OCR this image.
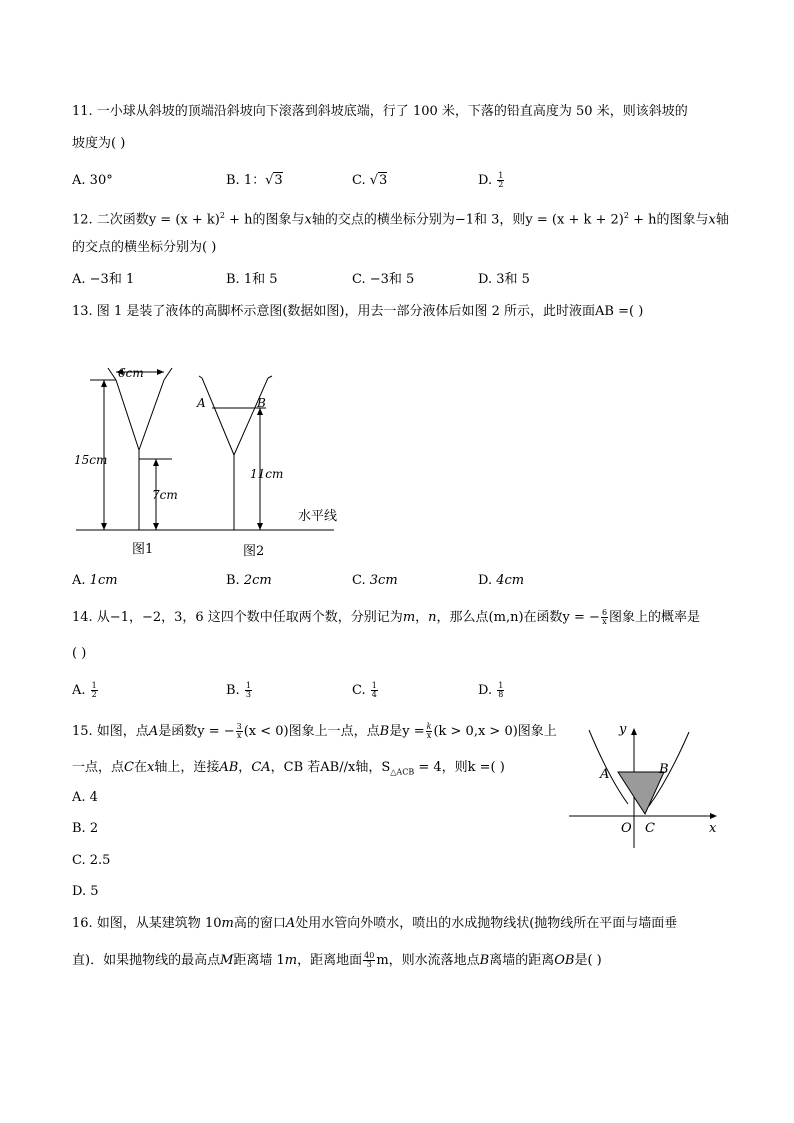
11. 一小球从斜坡的顶端沿斜坡向下滚落到斜坡底端，行了 100 米，下落的铅直高度为 50 米，则该斜坡的
坡度为( )
A. 30°	B. 1：√3	C. √3	D. $\frac{1}{2}$
12. 二次函数$y = (x + k)^2 + h$的图象与x轴的交点的横坐标分别为−1和 3，则$y = (x + k + 2)^2 + h$的图象与x轴
的交点的横坐标分别为( )
A. −3和 1	B. 1和 5	C. −3和 5	D. 3和 5
13. 图 1 是装了液体的高脚杯示意图(数据如图)，用去一部分液体后如图 2 所示，此时液面AB =( )
6cm
15cm
7cm
11cm
A	B
水平线
图1	图2
A. 1cm	B. 2cm	C. 3cm	D. 4cm
14. 从−1，−2，3，6 这四个数中任取两个数，分别记为m，n，那么点(m,n)在函数y = − $\frac{6}{x}$ 图象上的概率是
( )
A. $\frac{1}{2}$	B. $\frac{1}{3}$	C. $\frac{1}{4}$	D. $\frac{1}{8}$
15. 如图，点A是函数y = − $\frac{3}{x} (x < 0)$图象上一点，点B是$y = \frac{k}{x} (k > 0,x > 0)$图象上
一点，点C在x轴上，连接AB，CA，CB 若AB//x轴，$S_{\triangle ACB} = 4$，则k =( )
A. 4
B. 2
C. 2.5
D. 5
y
x
O
A	B
C
16. 如图，从某建筑物 10m高的窗口A处用水管向外喷水，喷出的水成抛物线状(抛物线所在平面与墙面垂
直)．如果抛物线的最高点M距离墙 1m，距离地面 $\frac{40}{3}$ m，则水流落地点B离墙的距离OB是( )
